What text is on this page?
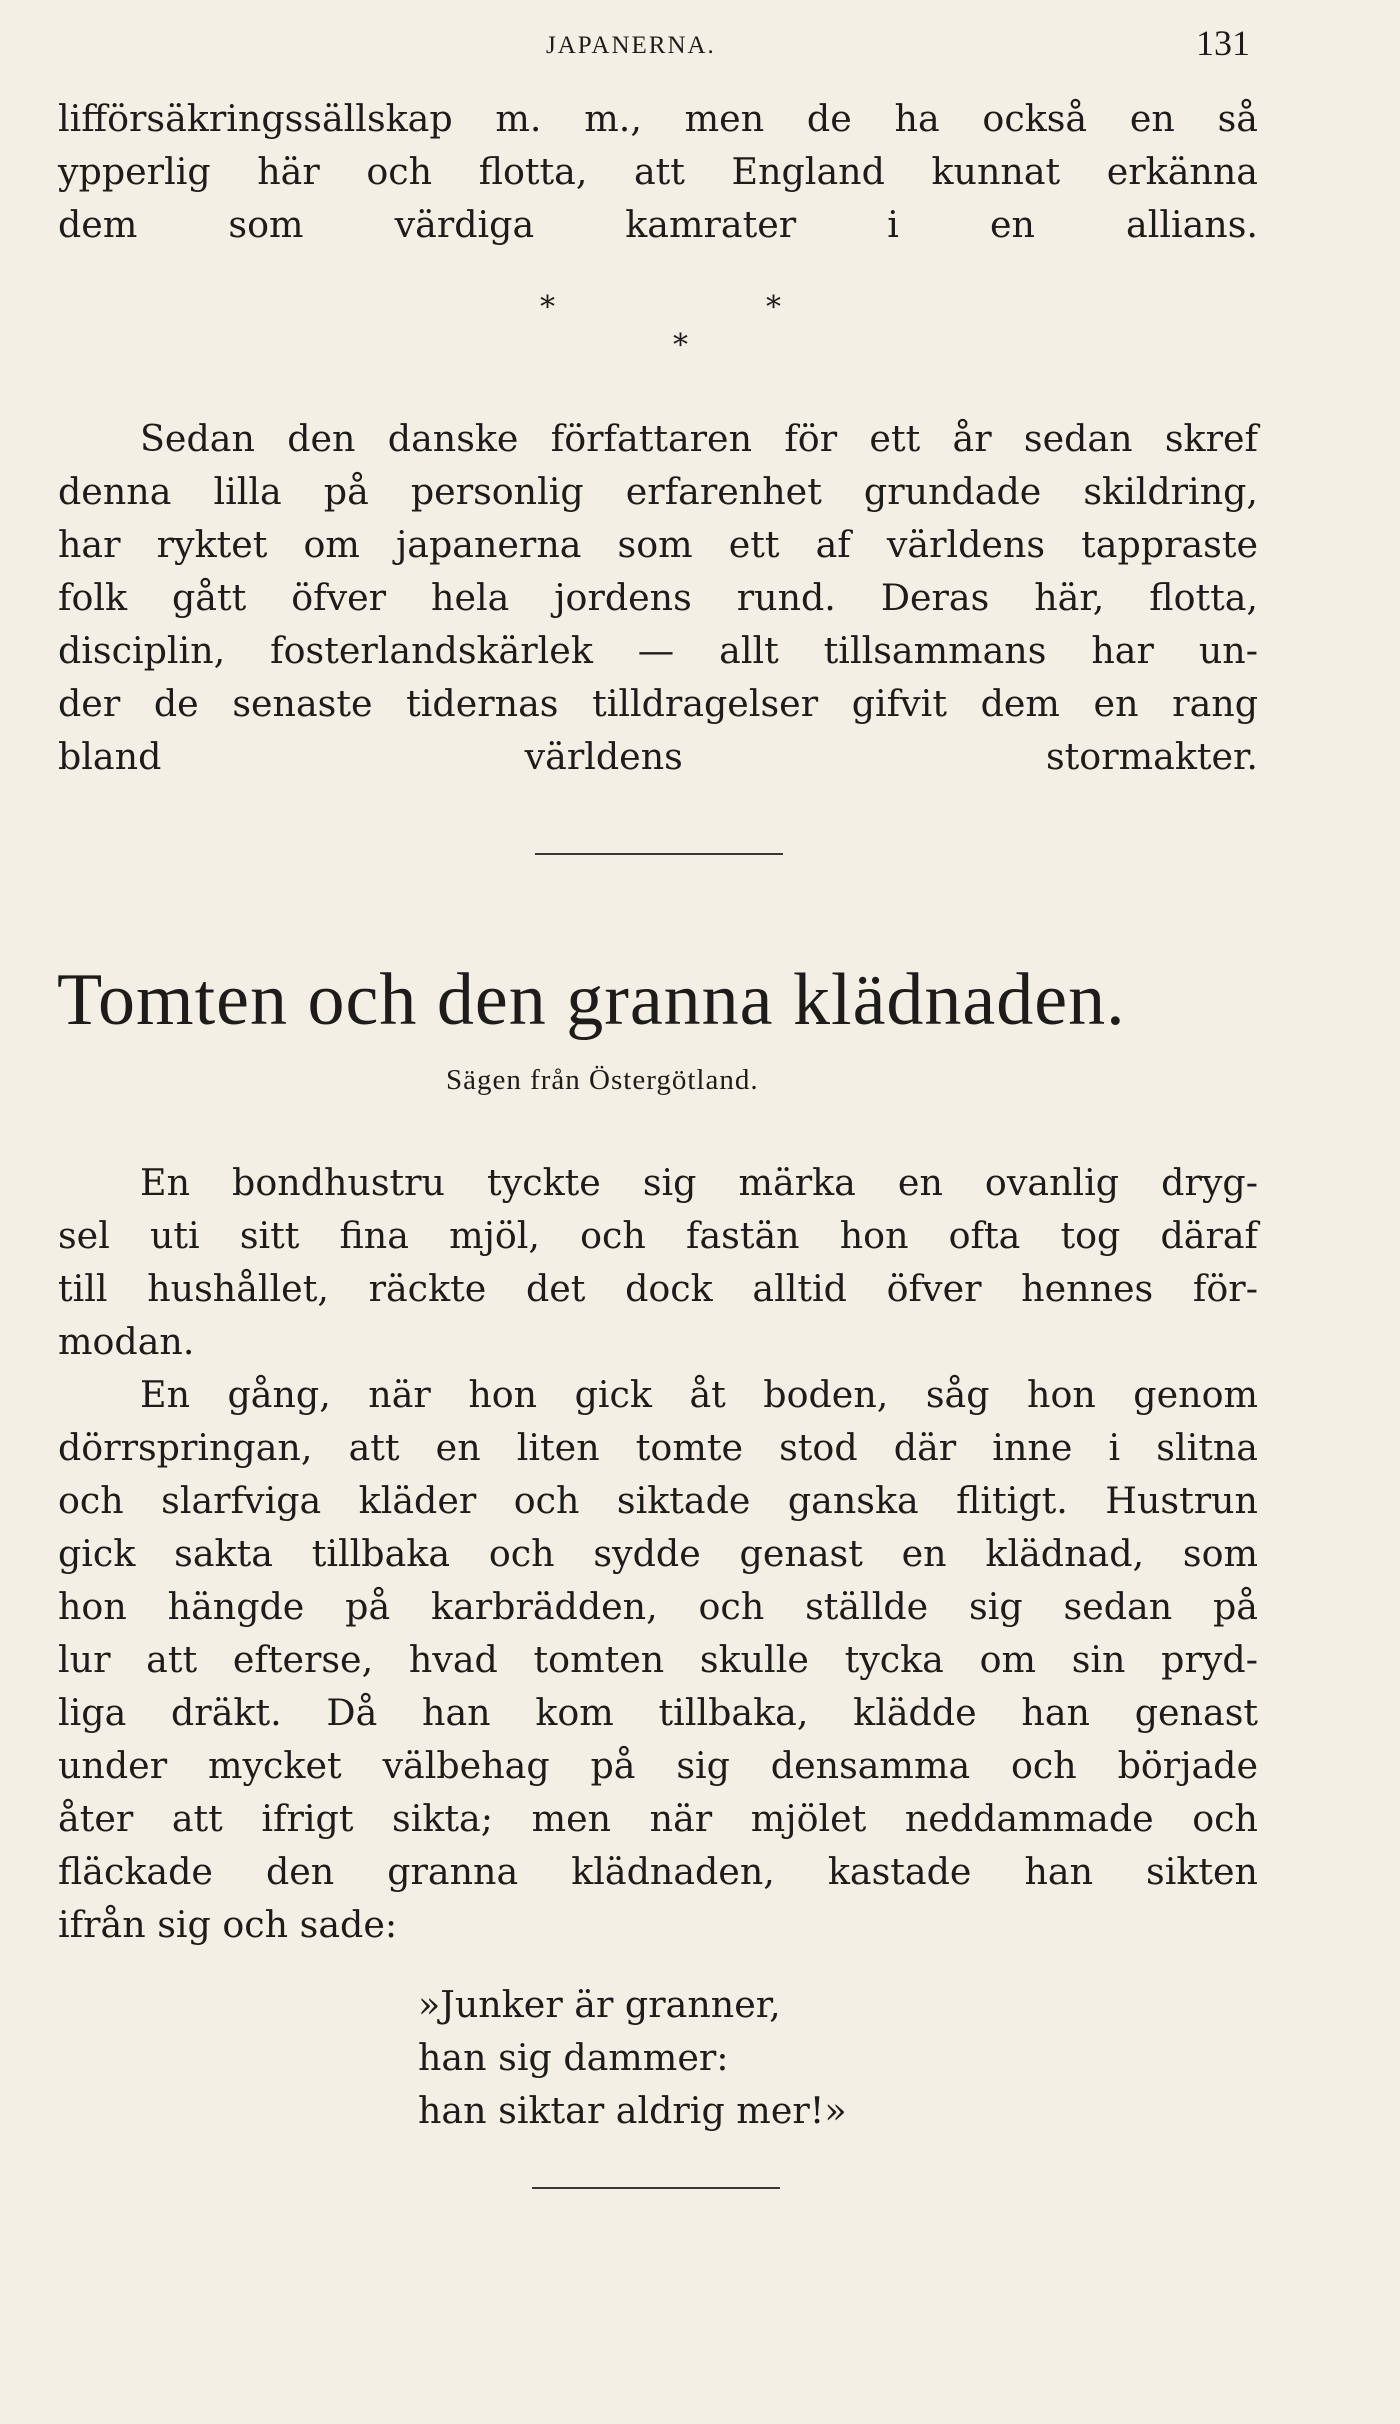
JAPANERNA.	131
lifförsäkringssällskap m. m., men de ha också en så
ypperlig här och flotta, att England kunnat erkänna
dem som värdiga kamrater i en allians.
*	*
*
Sedan den danske författaren för ett år sedan skref
denna lilla på personlig erfarenhet grundade skildring,
har ryktet om japanerna som ett af världens tappraste
folk gått öfver hela jordens rund. Deras här, flotta,
disciplin, fosterlandskärlek — allt tillsammans har un-
der de senaste tidernas tilldragelser gifvit dem en rang
bland världens stormakter.
Tomten och den granna klädnaden.
Sägen från Östergötland.
En bondhustru tyckte sig märka en ovanlig dryg-
sel uti sitt fina mjöl, och fastän hon ofta tog däraf
till hushållet, räckte det dock alltid öfver hennes för-
modan.
En gång, när hon gick åt boden, såg hon genom
dörrspringan, att en liten tomte stod där inne i slitna
och slarfviga kläder och siktade ganska flitigt. Hustrun
gick sakta tillbaka och sydde genast en klädnad, som
hon hängde på karbrädden, och ställde sig sedan på
lur att efterse, hvad tomten skulle tycka om sin pryd-
liga dräkt. Då han kom tillbaka, klädde han genast
under mycket välbehag på sig densamma och började
åter att ifrigt sikta; men när mjölet neddammade och
fläckade den granna klädnaden, kastade han sikten
ifrån sig och sade:
»Junker är granner,
han sig dammer:
han siktar aldrig mer!»
